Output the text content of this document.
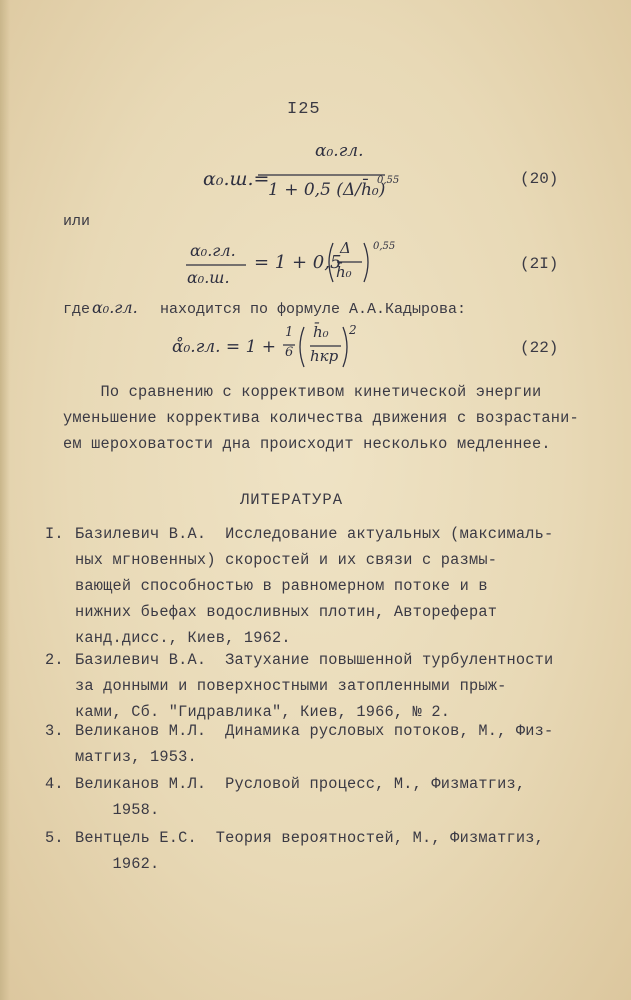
I25
α₀.ш.=
α₀.гл.
1 + 0,5 (Δ/h̄₀)
0,55	(20)
или
α₀.гл.
α₀.ш.
= 1 + 0,5
Δ
h̄₀
0,55
(2I)
где α₀.гл. находится по формуле А.А.Кадырова:
α̊₀.гл. = 1 +
1
6
h̄₀
hкр
2
(22)
По сравнению с коррективом кинетической энергии
уменьшение корректива количества движения с возрастани-
ем шероховатости дна происходит несколько медленнее.
ЛИТЕРАТУРА
I. Базилевич В.А.  Исследование актуальных (максималь-
ных мгновенных) скоростей и их связи с размы-
вающей способностью в равномерном потоке и в
нижних бьефах водосливных плотин, Автореферат
канд.дисс., Киев, 1962.
2. Базилевич В.А.  Затухание повышенной турбулентности
за донными и поверхностными затопленными прыж-
ками, Сб. "Гидравлика", Киев, 1966, № 2.
3. Великанов М.Л.  Динамика русловых потоков, М., Физ-
матгиз, 1953.
4. Великанов М.Л.  Русловой процесс, М., Физматгиз,
1958.
5. Вентцель Е.С.  Теория вероятностей, М., Физматгиз,
1962.
